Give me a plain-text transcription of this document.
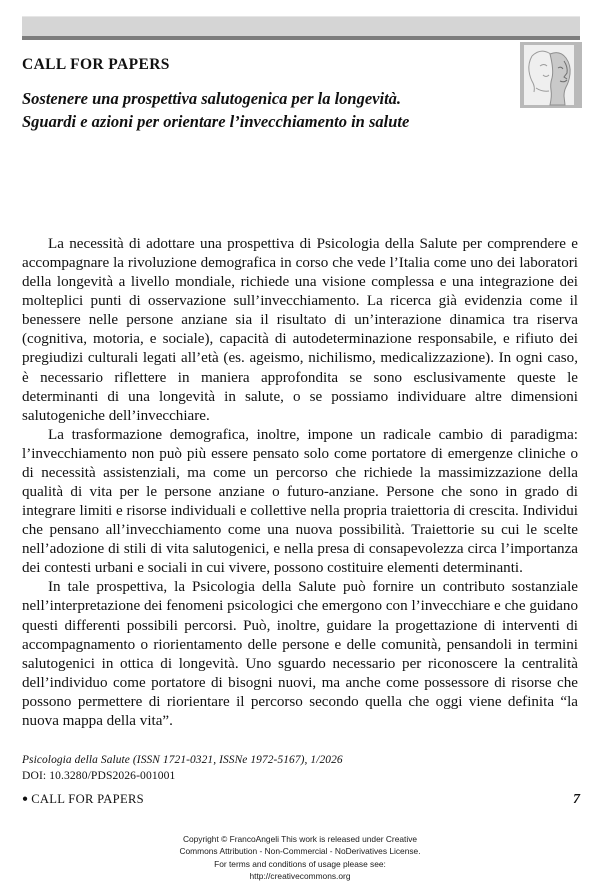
CALL FOR PAPERS
Sostenere una prospettiva salutogenica per la longevità.
Sguardi e azioni per orientare l’invecchiamento in salute

La necessità di adottare una prospettiva di Psicologia della Salute per comprendere e accompagnare la rivoluzione demografica in corso che vede l’Italia come uno dei laboratori della longevità a livello mondiale, richiede una visione complessa e una integrazione dei molteplici punti di osservazione sull’invecchiamento. La ricerca già evidenzia come il benessere nelle persone anziane sia il risultato di un’interazione dinamica tra riserva (cognitiva, motoria, e sociale), capacità di autodeterminazione responsabile, e rifiuto dei pregiudizi culturali legati all’età (es. ageismo, nichilismo, medicalizzazione). In ogni caso, è necessario riflettere in maniera approfondita se sono esclusivamente queste le determinanti di una longevità in salute, o se possiamo individuare altre dimensioni salutogeniche dell’invecchiare.

La trasformazione demografica, inoltre, impone un radicale cambio di paradigma: l’invecchiamento non può più essere pensato solo come portatore di emergenze cliniche o di necessità assistenziali, ma come un percorso che richiede la massimizzazione della qualità di vita per le persone anziane o futuro-anziane. Persone che sono in grado di integrare limiti e risorse individuali e collettive nella propria traiettoria di crescita. Individui che pensano all’invecchiamento come una nuova possibilità. Traiettorie su cui le scelte nell’adozione di stili di vita salutogenici, e nella presa di consapevolezza circa l’importanza dei contesti urbani e sociali in cui vivere, possono costituire elementi determinanti.

In tale prospettiva, la Psicologia della Salute può fornire un contributo sostanziale nell’interpretazione dei fenomeni psicologici che emergono con l’invecchiare e che guidano questi differenti possibili percorsi. Può, inoltre, guidare la progettazione di interventi di accompagnamento o riorientamento delle persone e delle comunità, pensandoli in termini salutogenici in ottica di longevità. Uno sguardo necessario per riconoscere la centralità dell’individuo come portatore di bisogni nuovi, ma anche come possessore di risorse che possono permettere di riorientare il percorso secondo quella che oggi viene definita “la nuova mappa della vita”.

Psicologia della Salute (ISSN 1721-0321, ISSNe 1972-5167), 1/2026
DOI: 10.3280/PDS2026-001001
● CALL FOR PAPERS	7
Copyright © FrancoAngeli This work is released under Creative
Commons Attribution - Non-Commercial - NoDerivatives License.
For terms and conditions of usage please see:
http://creativecommons.org
